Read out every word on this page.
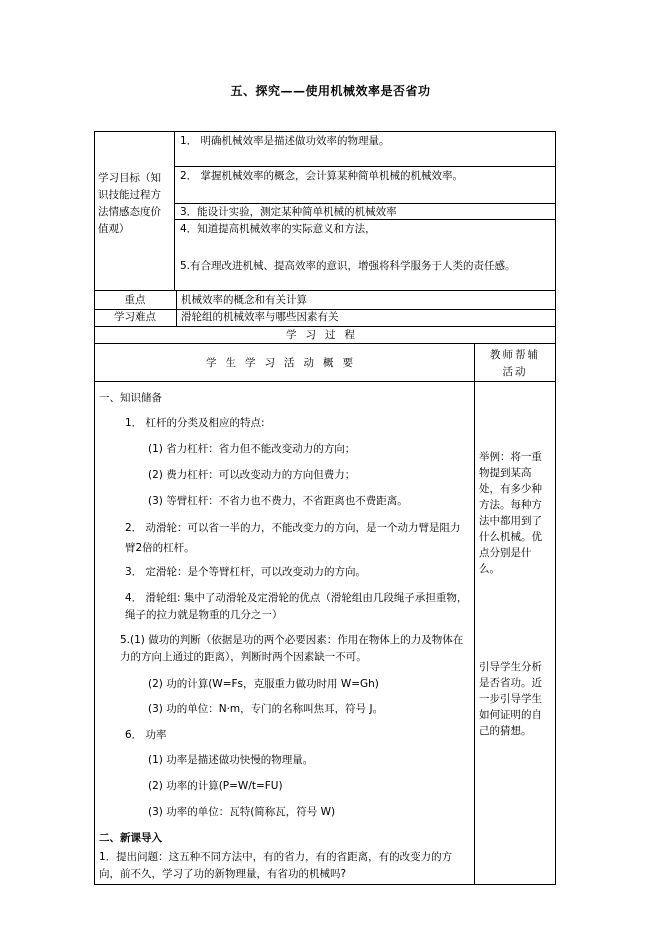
五、探究——使用机械效率是否省功
学习目标（知识技能过程方法情感态度价值观）
1． 明确机械效率是描述做功效率的物理量。
2． 掌握机械效率的概念，会计算某种简单机械的机械效率。
3．能设计实验，测定某种简单机械的机械效率
4．知道提高机械效率的实际意义和方法，
5.有合理改进机械、提高效率的意识，增强将科学服务于人类的责任感。
重点	机械效率的概念和有关计算
学习难点	滑轮组的机械效率与哪些因素有关
学习过程
学生学习活动概要
教师帮辅活动
一、知识储备
1． 杠杆的分类及相应的特点:
(1) 省力杠杆：省力但不能改变动力的方向；
(2) 费力杠杆：可以改变动力的方向但费力；
(3) 等臂杠杆：不省力也不费力，不省距离也不费距离。
2． 动滑轮：可以省一半的力，不能改变力的方向，是一个动力臂是阻力臂2倍的杠杆。
3． 定滑轮：是个等臂杠杆，可以改变动力的方向。
4． 滑轮组: 集中了动滑轮及定滑轮的优点（滑轮组由几段绳子承担重物，绳子的拉力就是物重的几分之一）
5.(1) 做功的判断（依据是功的两个必要因素：作用在物体上的力及物体在力的方向上通过的距离），判断时两个因素缺一不可。
(2) 功的计算(W=Fs，克服重力做功时用 W=Gh)
(3) 功的单位：N·m，专门的名称叫焦耳，符号 J。
6． 功率
(1) 功率是描述做功快慢的物理量。
(2) 功率的计算(P=W/t=FU)
(3) 功率的单位：瓦特(简称瓦，符号 W)
二、新课导入
1．提出问题：这五种不同方法中，有的省力，有的省距离，有的改变力的方向，前不久，学习了功的新物理量，有省功的机械吗?
举例：将一重物提到某高处，有多少种方法。每种方法中都用到了什么机械。优点分别是什么。
引导学生分析是否省功。近一步引导学生如何证明的自己的猜想。
